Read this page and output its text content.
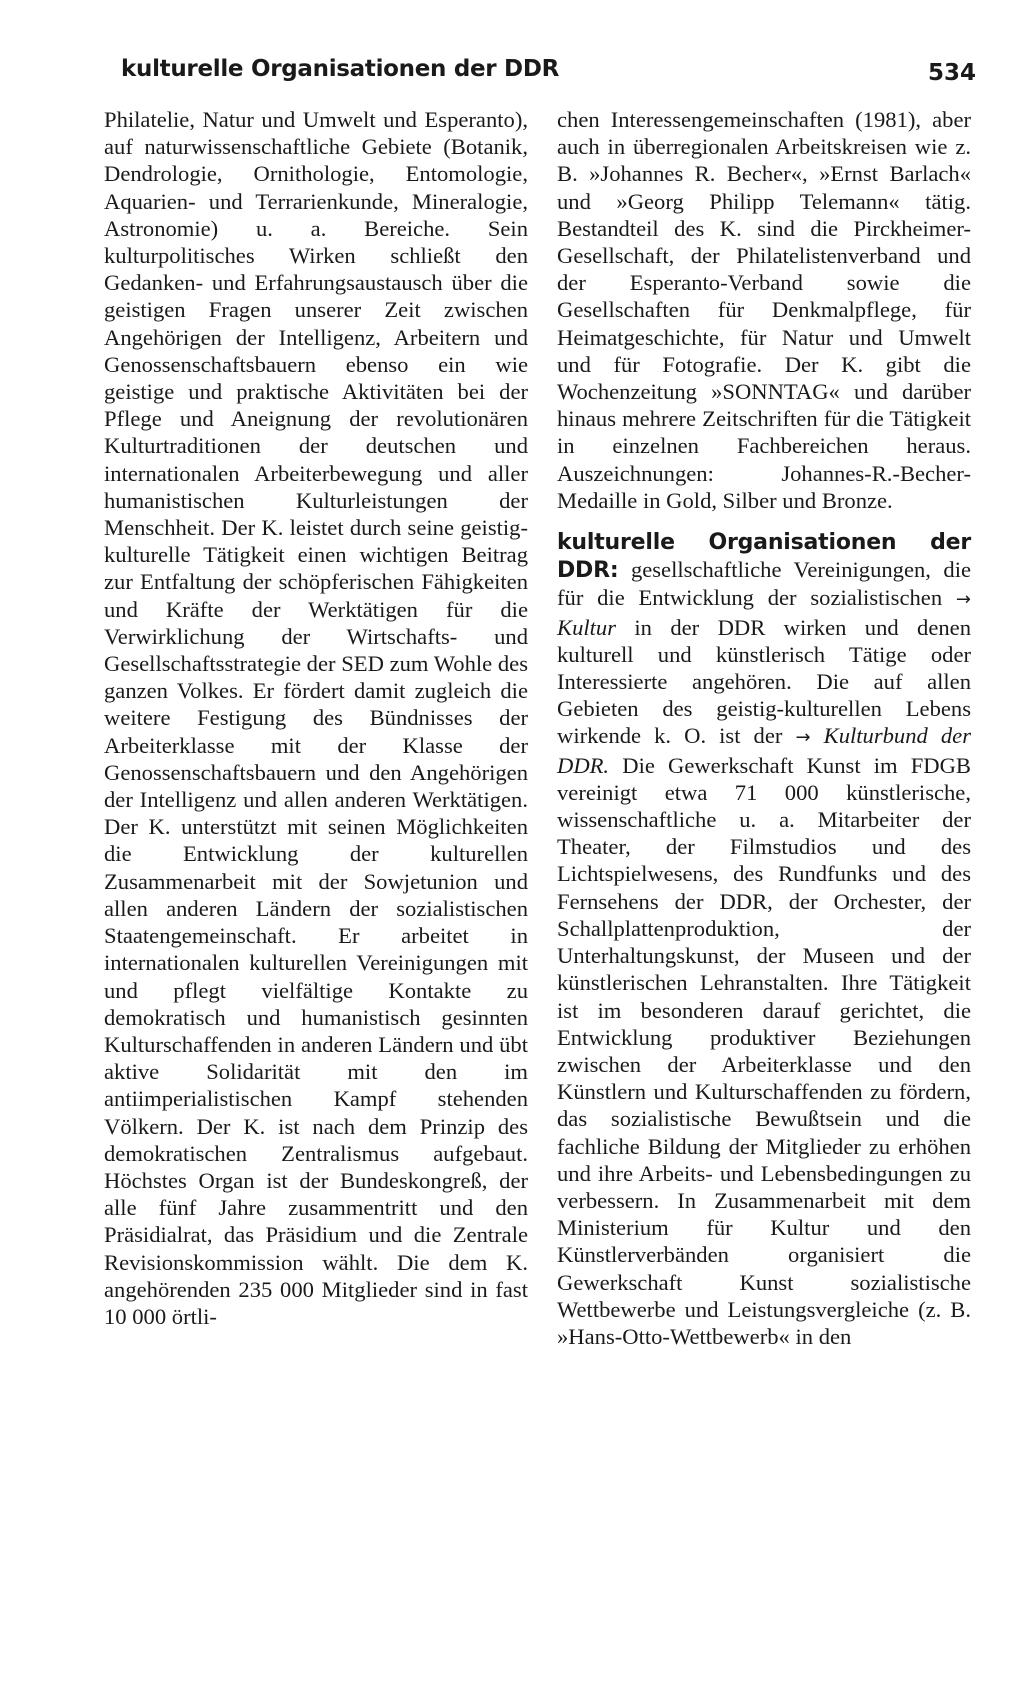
kulturelle Organisationen der DDR	534

Philatelie, Natur und Umwelt und Esperanto), auf naturwissenschaftliche Gebiete (Botanik, Dendrologie, Ornithologie, Entomologie, Aquarien- und Terrarienkunde, Mineralogie, Astronomie) u. a. Bereiche. Sein kulturpolitisches Wirken schließt den Gedanken- und Erfahrungsaustausch über die geistigen Fragen unserer Zeit zwischen Angehörigen der Intelligenz, Arbeitern und Genossenschaftsbauern ebenso ein wie geistige und praktische Aktivitäten bei der Pflege und Aneignung der revolutionären Kulturtraditionen der deutschen und internationalen Arbeiterbewegung und aller humanistischen Kulturleistungen der Menschheit. Der K. leistet durch seine geistig-kulturelle Tätigkeit einen wichtigen Beitrag zur Entfaltung der schöpferischen Fähigkeiten und Kräfte der Werktätigen für die Verwirklichung der Wirtschafts- und Gesellschaftsstrategie der SED zum Wohle des ganzen Volkes. Er fördert damit zugleich die weitere Festigung des Bündnisses der Arbeiterklasse mit der Klasse der Genossenschaftsbauern und den Angehörigen der Intelligenz und allen anderen Werktätigen. Der K. unterstützt mit seinen Möglichkeiten die Entwicklung der kulturellen Zusammenarbeit mit der Sowjetunion und allen anderen Ländern der sozialistischen Staatengemeinschaft. Er arbeitet in internationalen kulturellen Vereinigungen mit und pflegt vielfältige Kontakte zu demokratisch und humanistisch gesinnten Kulturschaffenden in anderen Ländern und übt aktive Solidarität mit den im antiimperialistischen Kampf stehenden Völkern. Der K. ist nach dem Prinzip des demokratischen Zentralismus aufgebaut. Höchstes Organ ist der Bundeskongreß, der alle fünf Jahre zusammentritt und den Präsidialrat, das Präsidium und die Zentrale Revisionskommission wählt. Die dem K. angehörenden 235 000 Mitglieder sind in fast 10 000 örtli-

chen Interessengemeinschaften (1981), aber auch in überregionalen Arbeitskreisen wie z. B. »Johannes R. Becher«, »Ernst Barlach« und »Georg Philipp Telemann« tätig. Bestandteil des K. sind die Pirckheimer-Gesellschaft, der Philatelistenverband und der Esperanto-Verband sowie die Gesellschaften für Denkmalpflege, für Heimatgeschichte, für Natur und Umwelt und für Fotografie. Der K. gibt die Wochenzeitung »SONNTAG« und darüber hinaus mehrere Zeitschriften für die Tätigkeit in einzelnen Fachbereichen heraus. Auszeichnungen: Johannes-R.-Becher-Medaille in Gold, Silber und Bronze.

kulturelle Organisationen der DDR: gesellschaftliche Vereinigungen, die für die Entwicklung der sozialistischen → Kultur in der DDR wirken und denen kulturell und künstlerisch Tätige oder Interessierte angehören. Die auf allen Gebieten des geistig-kulturellen Lebens wirkende k. O. ist der → Kulturbund der DDR. Die Gewerkschaft Kunst im FDGB vereinigt etwa 71 000 künstlerische, wissenschaftliche u. a. Mitarbeiter der Theater, der Filmstudios und des Lichtspielwesens, des Rundfunks und des Fernsehens der DDR, der Orchester, der Schallplattenproduktion, der Unterhaltungskunst, der Museen und der künstlerischen Lehranstalten. Ihre Tätigkeit ist im besonderen darauf gerichtet, die Entwicklung produktiver Beziehungen zwischen der Arbeiterklasse und den Künstlern und Kulturschaffenden zu fördern, das sozialistische Bewußtsein und die fachliche Bildung der Mitglieder zu erhöhen und ihre Arbeits- und Lebensbedingungen zu verbessern. In Zusammenarbeit mit dem Ministerium für Kultur und den Künstlerverbänden organisiert die Gewerkschaft Kunst sozialistische Wettbewerbe und Leistungsvergleiche (z. B. »Hans-Otto-Wettbewerb« in den
